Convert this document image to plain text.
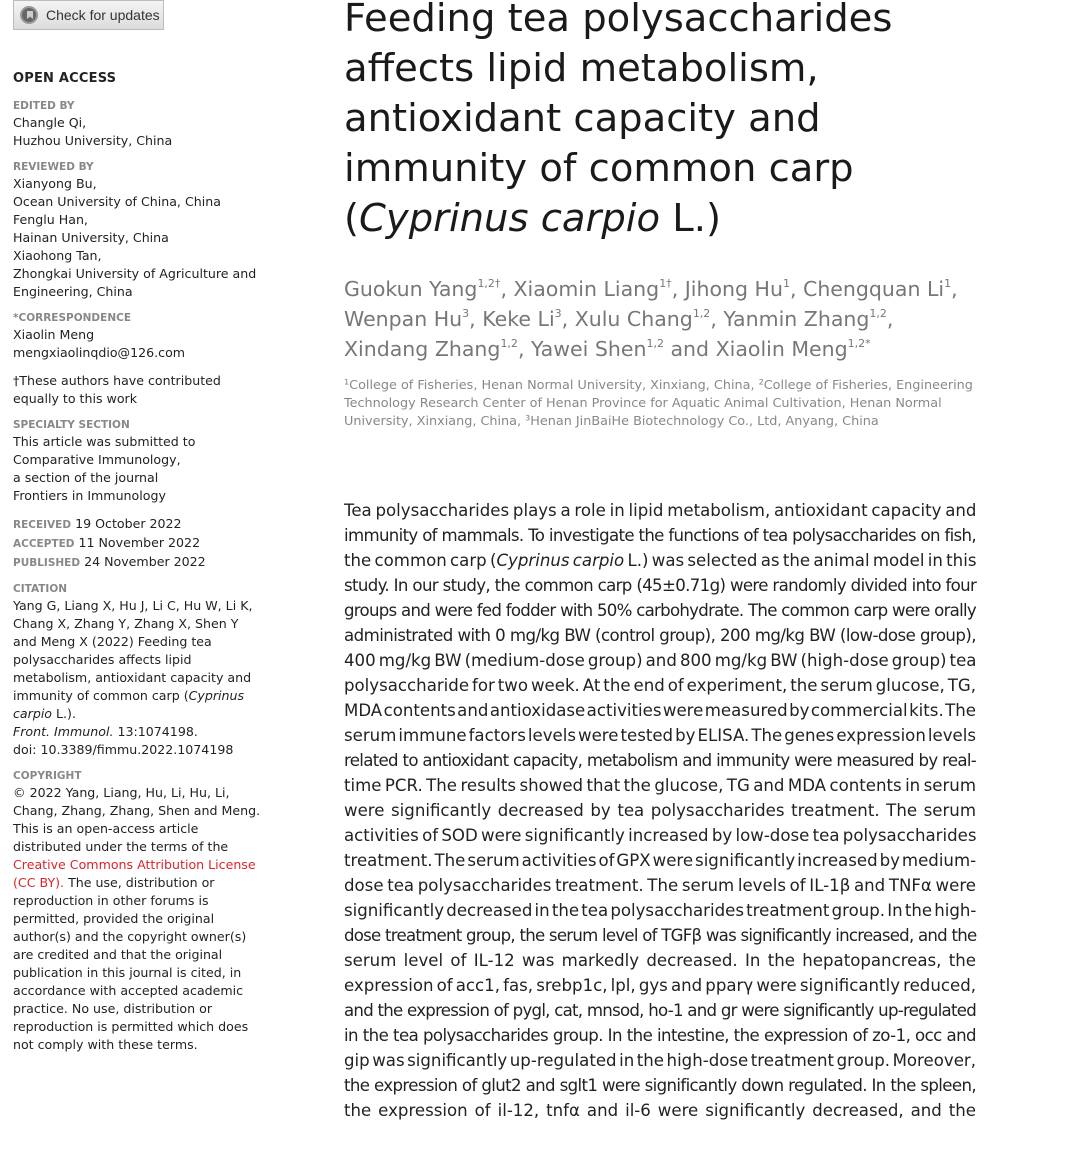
Check for updates
OPEN ACCESS
EDITED BY
Changle Qi,
Huzhou University, China
REVIEWED BY
Xianyong Bu,
Ocean University of China, China
Fenglu Han,
Hainan University, China
Xiaohong Tan,
Zhongkai University of Agriculture and
Engineering, China
*CORRESPONDENCE
Xiaolin Meng
mengxiaolinqdio@126.com
†These authors have contributed
equally to this work
SPECIALTY SECTION
This article was submitted to
Comparative Immunology,
a section of the journal
Frontiers in Immunology
RECEIVED 19 October 2022
ACCEPTED 11 November 2022
PUBLISHED 24 November 2022
CITATION
Yang G, Liang X, Hu J, Li C, Hu W, Li K,
Chang X, Zhang Y, Zhang X, Shen Y
and Meng X (2022) Feeding tea
polysaccharides affects lipid
metabolism, antioxidant capacity and
immunity of common carp (Cyprinus
carpio L.).
Front. Immunol. 13:1074198.
doi: 10.3389/fimmu.2022.1074198
COPYRIGHT
© 2022 Yang, Liang, Hu, Li, Hu, Li,
Chang, Zhang, Zhang, Shen and Meng.
This is an open-access article
distributed under the terms of the
Creative Commons Attribution License
(CC BY). The use, distribution or
reproduction in other forums is
permitted, provided the original
author(s) and the copyright owner(s)
are credited and that the original
publication in this journal is cited, in
accordance with accepted academic
practice. No use, distribution or
reproduction is permitted which does
not comply with these terms.
Feeding tea polysaccharides
affects lipid metabolism,
antioxidant capacity and
immunity of common carp
(Cyprinus carpio L.)
Guokun Yang$^{1,2\dagger}$, Xiaomin Liang$^{1\dagger}$, Jihong Hu$^1$, Chengquan Li$^1$,
Wenpan Hu$^3$, Keke Li$^3$, Xulu Chang$^{1,2}$, Yanmin Zhang$^{1,2}$,
Xindang Zhang$^{1,2}$, Yawei Shen$^{1,2}$ and Xiaolin Meng$^{1,2*}$
¹College of Fisheries, Henan Normal University, Xinxiang, China, ²College of Fisheries, Engineering
Technology Research Center of Henan Province for Aquatic Animal Cultivation, Henan Normal
University, Xinxiang, China, ³Henan JinBaiHe Biotechnology Co., Ltd, Anyang, China
Tea polysaccharides plays a role in lipid metabolism, antioxidant capacity and
immunity of mammals. To investigate the functions of tea polysaccharides on fish,
the common carp (Cyprinus carpio L.) was selected as the animal model in this
study. In our study, the common carp (45±0.71g) were randomly divided into four
groups and were fed fodder with 50% carbohydrate. The common carp were orally
administrated with 0 mg/kg BW (control group), 200 mg/kg BW (low-dose group),
400 mg/kg BW (medium-dose group) and 800 mg/kg BW (high-dose group) tea
polysaccharide for two week. At the end of experiment, the serum glucose, TG,
MDA contents and antioxidase activities were measured by commercial kits. The
serum immune factors levels were tested by ELISA. The genes expression levels
related to antioxidant capacity, metabolism and immunity were measured by real-
time PCR. The results showed that the glucose, TG and MDA contents in serum
were significantly decreased by tea polysaccharides treatment. The serum
activities of SOD were significantly increased by low-dose tea polysaccharides
treatment. The serum activities of GPX were significantly increased by medium-
dose tea polysaccharides treatment. The serum levels of IL-1β and TNFα were
significantly decreased in the tea polysaccharides treatment group. In the high-
dose treatment group, the serum level of TGFβ was significantly increased, and the
serum level of IL-12 was markedly decreased. In the hepatopancreas, the
expression of acc1, fas, srebp1c, lpl, gys and pparγ were significantly reduced,
and the expression of pygl, cat, mnsod, ho-1 and gr were significantly up-regulated
in the tea polysaccharides group. In the intestine, the expression of zo-1, occ and
gip was significantly up-regulated in the high-dose treatment group. Moreover,
the expression of glut2 and sglt1 were significantly down regulated. In the spleen,
the expression of il-12, tnfα and il-6 were significantly decreased, and the
